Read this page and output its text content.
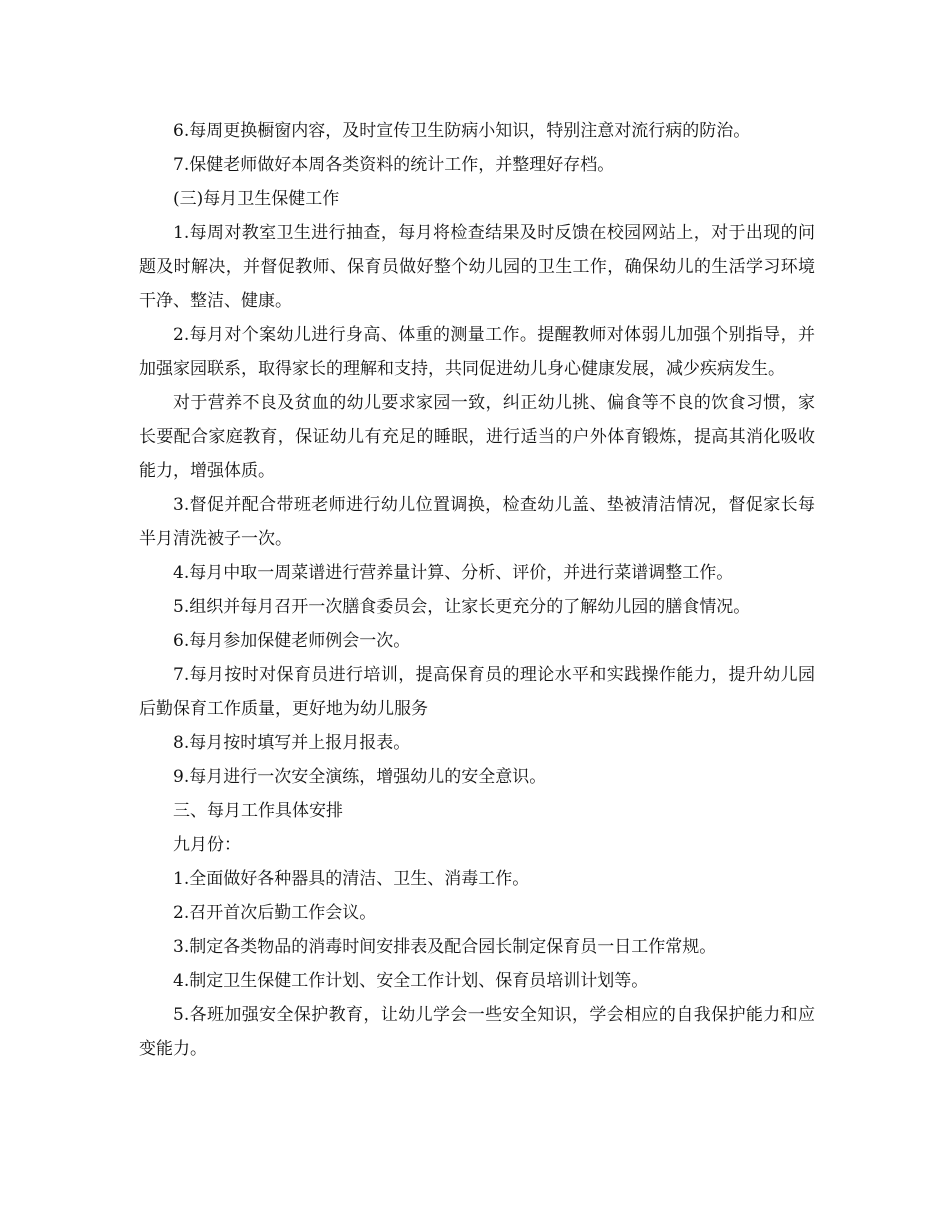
6.每周更换橱窗内容，及时宣传卫生防病小知识，特别注意对流行病的防治。

7.保健老师做好本周各类资料的统计工作，并整理好存档。

(三)每月卫生保健工作

1.每周对教室卫生进行抽查，每月将检查结果及时反馈在校园网站上，对于出现的问题及时解决，并督促教师、保育员做好整个幼儿园的卫生工作，确保幼儿的生活学习环境干净、整洁、健康。

2.每月对个案幼儿进行身高、体重的测量工作。提醒教师对体弱儿加强个别指导，并加强家园联系，取得家长的理解和支持，共同促进幼儿身心健康发展，减少疾病发生。

对于营养不良及贫血的幼儿要求家园一致，纠正幼儿挑、偏食等不良的饮食习惯，家长要配合家庭教育，保证幼儿有充足的睡眠，进行适当的户外体育锻炼，提高其消化吸收能力，增强体质。

3.督促并配合带班老师进行幼儿位置调换，检查幼儿盖、垫被清洁情况，督促家长每半月清洗被子一次。

4.每月中取一周菜谱进行营养量计算、分析、评价，并进行菜谱调整工作。

5.组织并每月召开一次膳食委员会，让家长更充分的了解幼儿园的膳食情况。

6.每月参加保健老师例会一次。

7.每月按时对保育员进行培训，提高保育员的理论水平和实践操作能力，提升幼儿园后勤保育工作质量，更好地为幼儿服务

8.每月按时填写并上报月报表。

9.每月进行一次安全演练，增强幼儿的安全意识。

三、每月工作具体安排

九月份：

1.全面做好各种器具的清洁、卫生、消毒工作。

2.召开首次后勤工作会议。

3.制定各类物品的消毒时间安排表及配合园长制定保育员一日工作常规。

4.制定卫生保健工作计划、安全工作计划、保育员培训计划等。

5.各班加强安全保护教育，让幼儿学会一些安全知识，学会相应的自我保护能力和应变能力。
